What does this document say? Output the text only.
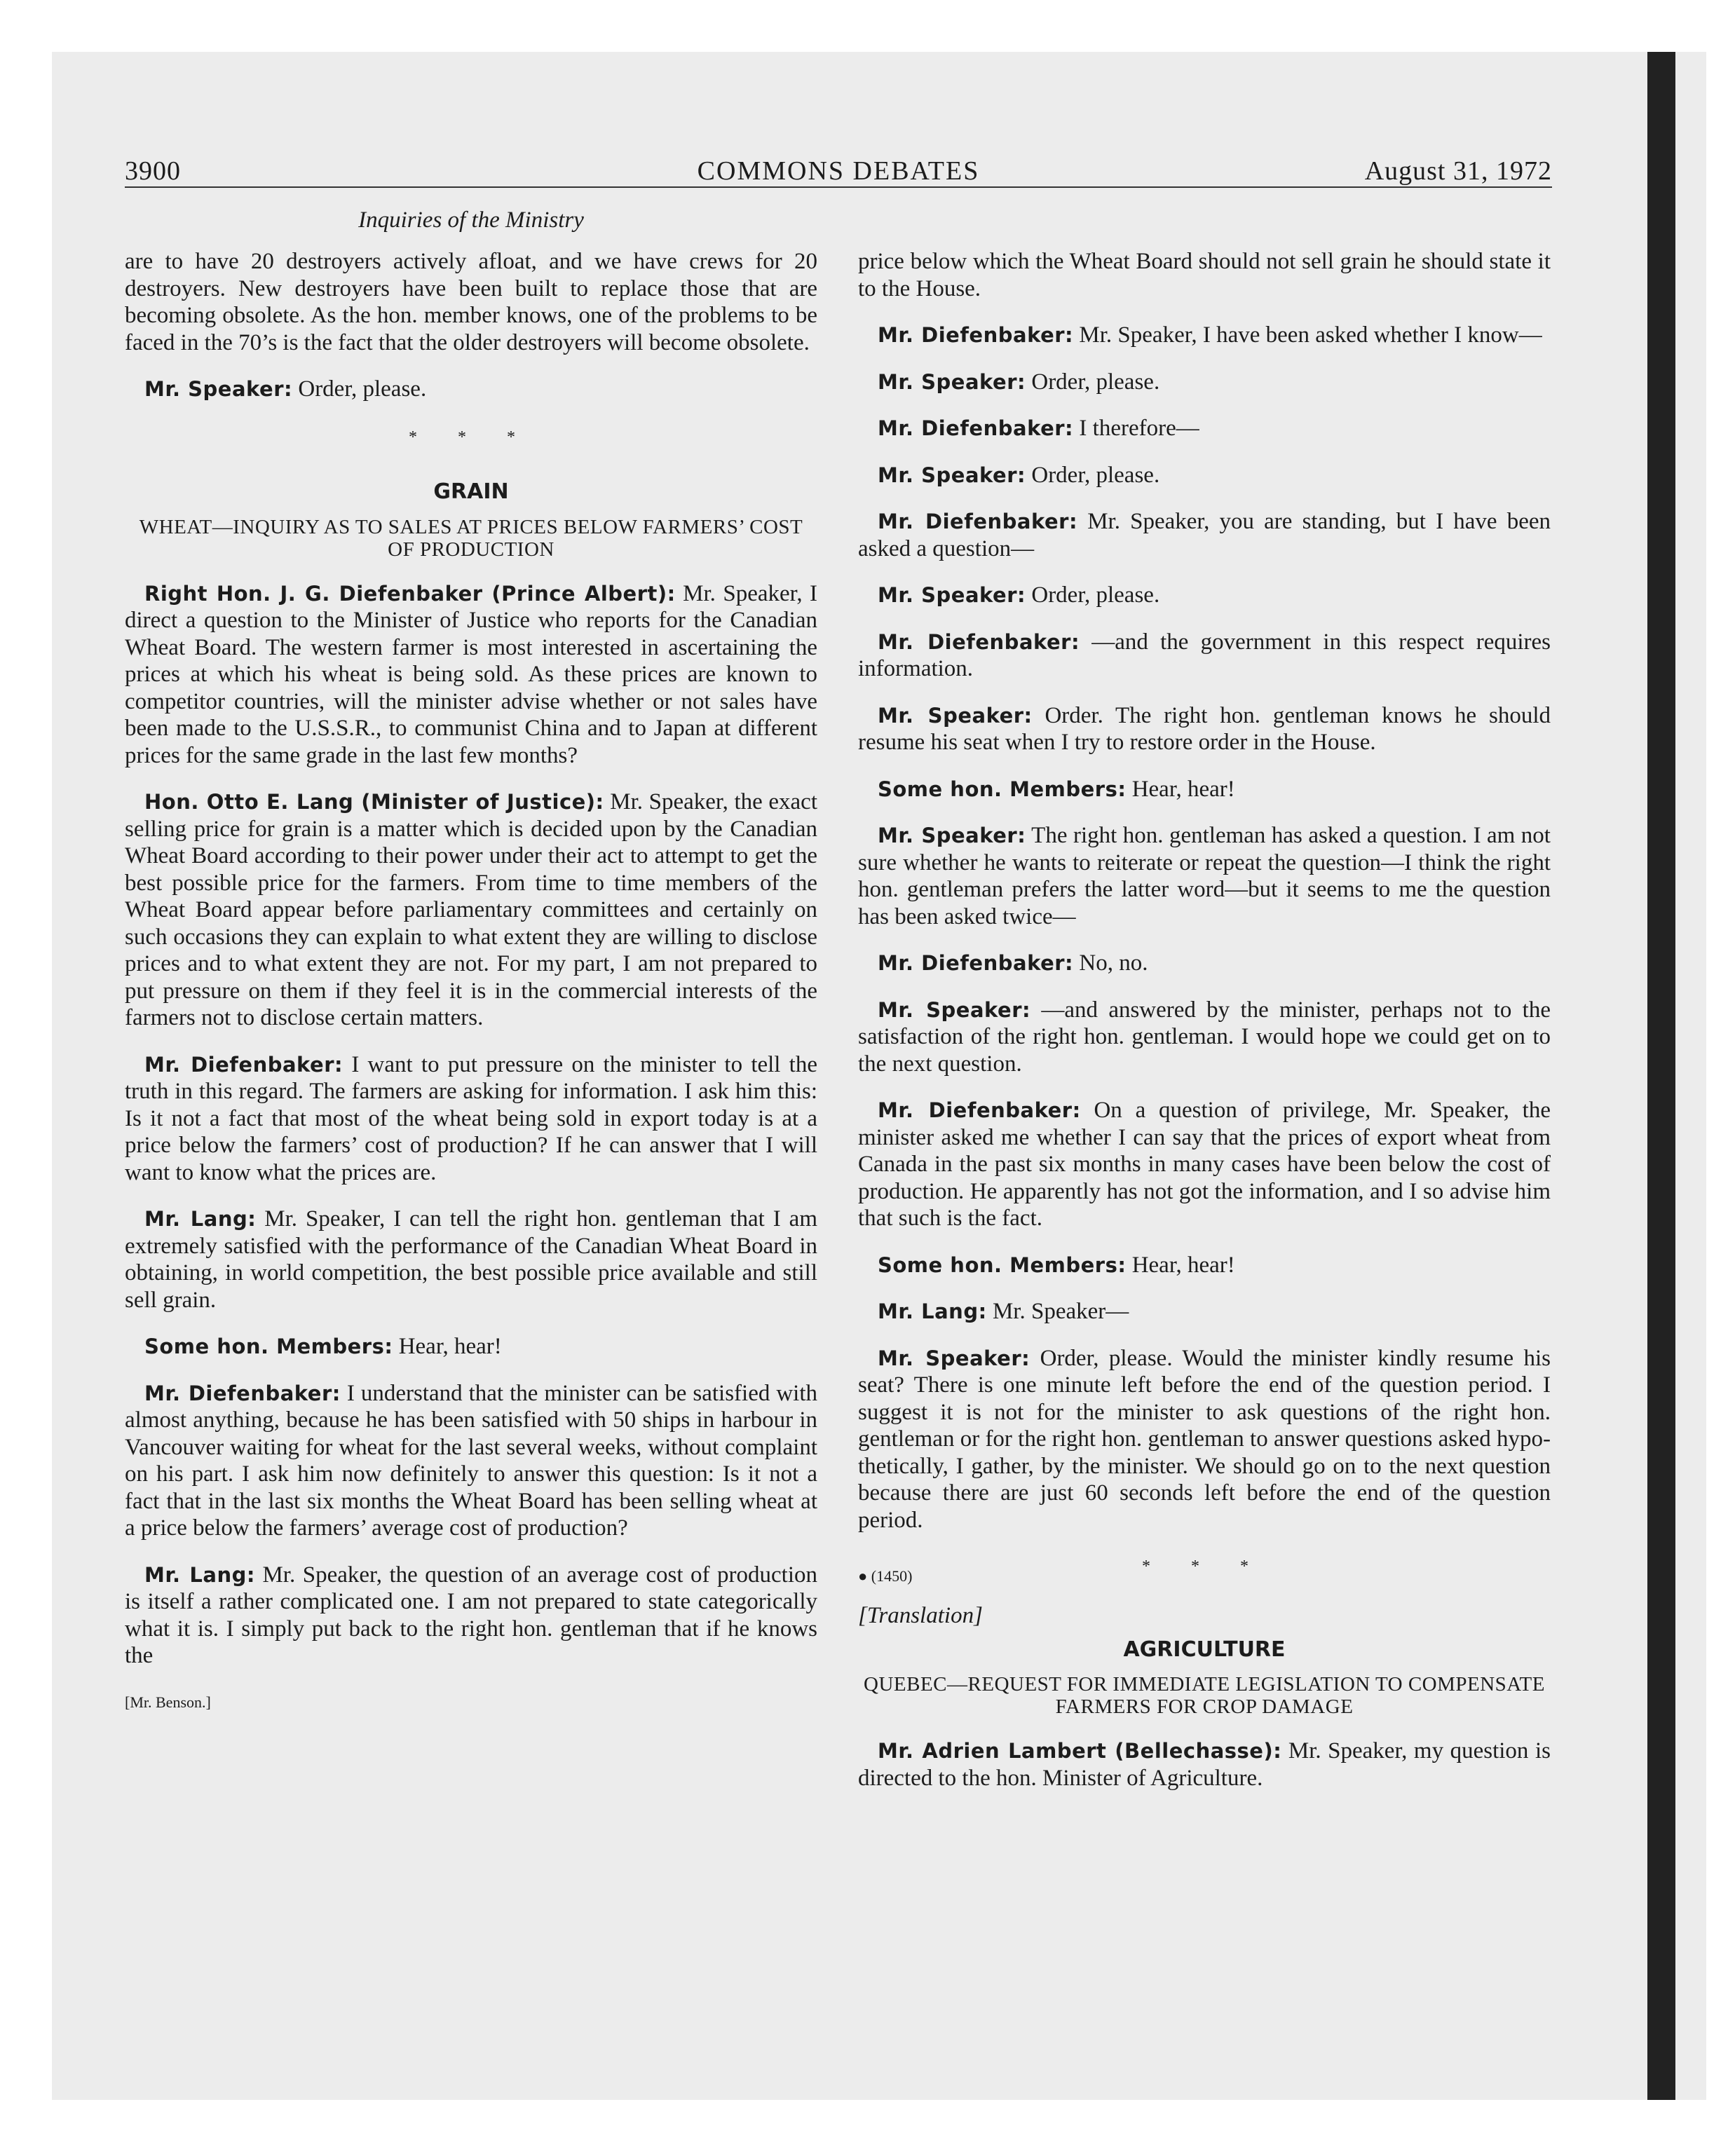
3900	COMMONS DEBATES	August 31, 1972
Inquiries of the Ministry

are to have 20 destroyers actively afloat, and we have crews for 20 destroyers. New destroyers have been built to replace those that are becoming obsolete. As the hon. member knows, one of the problems to be faced in the 70’s is the fact that the older destroyers will become obsolete.

Mr. Speaker: Order, please.

* * *
GRAIN
WHEAT—INQUIRY AS TO SALES AT PRICES BELOW FARMERS’ COST OF PRODUCTION

Right Hon. J. G. Diefenbaker (Prince Albert): Mr. Speaker, I direct a question to the Minister of Justice who reports for the Canadian Wheat Board. The western farmer is most interested in ascertaining the prices at which his wheat is being sold. As these prices are known to competitor countries, will the minister advise whether or not sales have been made to the U.S.S.R., to communist China and to Japan at different prices for the same grade in the last few months?

Hon. Otto E. Lang (Minister of Justice): Mr. Speaker, the exact selling price for grain is a matter which is decided upon by the Canadian Wheat Board according to their power under their act to attempt to get the best possible price for the farmers. From time to time members of the Wheat Board appear before parliamentary committees and certainly on such occasions they can explain to what extent they are willing to disclose prices and to what extent they are not. For my part, I am not prepared to put pressure on them if they feel it is in the commercial interests of the farmers not to disclose certain matters.

Mr. Diefenbaker: I want to put pressure on the minister to tell the truth in this regard. The farmers are asking for information. I ask him this: Is it not a fact that most of the wheat being sold in export today is at a price below the farmers’ cost of production? If he can answer that I will want to know what the prices are.

Mr. Lang: Mr. Speaker, I can tell the right hon. gentleman that I am extremely satisfied with the performance of the Canadian Wheat Board in obtaining, in world competition, the best possible price available and still sell grain.

Some hon. Members: Hear, hear!

Mr. Diefenbaker: I understand that the minister can be satisfied with almost anything, because he has been satisfied with 50 ships in harbour in Vancouver waiting for wheat for the last several weeks, without complaint on his part. I ask him now definitely to answer this question: Is it not a fact that in the last six months the Wheat Board has been selling wheat at a price below the farmers’ average cost of production?

Mr. Lang: Mr. Speaker, the question of an average cost of production is itself a rather complicated one. I am not prepared to state categorically what it is. I simply put back to the right hon. gentleman that if he knows the

[Mr. Benson.]

price below which the Wheat Board should not sell grain he should state it to the House.

Mr. Diefenbaker: Mr. Speaker, I have been asked whether I know—

Mr. Speaker: Order, please.

Mr. Diefenbaker: I therefore—

Mr. Speaker: Order, please.

Mr. Diefenbaker: Mr. Speaker, you are standing, but I have been asked a question—

Mr. Speaker: Order, please.

Mr. Diefenbaker: —and the government in this respect requires information.

Mr. Speaker: Order. The right hon. gentleman knows he should resume his seat when I try to restore order in the House.

Some hon. Members: Hear, hear!

Mr. Speaker: The right hon. gentleman has asked a question. I am not sure whether he wants to reiterate or repeat the question—I think the right hon. gentleman prefers the latter word—but it seems to me the question has been asked twice—

Mr. Diefenbaker: No, no.

Mr. Speaker: —and answered by the minister, perhaps not to the satisfaction of the right hon. gentleman. I would hope we could get on to the next question.

Mr. Diefenbaker: On a question of privilege, Mr. Speaker, the minister asked me whether I can say that the prices of export wheat from Canada in the past six months in many cases have been below the cost of production. He apparently has not got the information, and I so advise him that such is the fact.

Some hon. Members: Hear, hear!

Mr. Lang: Mr. Speaker—

Mr. Speaker: Order, please. Would the minister kindly resume his seat? There is one minute left before the end of the question period. I suggest it is not for the minister to ask questions of the right hon. gentleman or for the right hon. gentleman to answer questions asked hypothetically, I gather, by the minister. We should go on to the next question because there are just 60 seconds left before the end of the question period.

● (1450)
* * *
[Translation]
AGRICULTURE
QUEBEC—REQUEST FOR IMMEDIATE LEGISLATION TO COMPENSATE FARMERS FOR CROP DAMAGE

Mr. Adrien Lambert (Bellechasse): Mr. Speaker, my question is directed to the hon. Minister of Agriculture.
